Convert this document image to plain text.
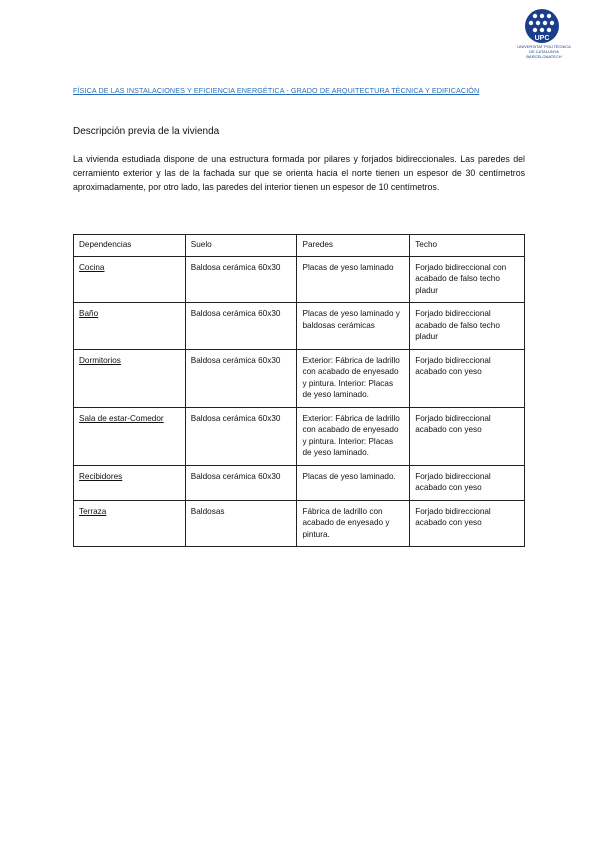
UPC
UNIVERSITAT POLITÈCNICA
DE CATALUNYA
BARCELONATECH
FÍSICA DE LAS INSTALACIONES Y EFICIENCIA ENERGÉTICA - GRADO DE ARQUITECTURA TÉCNICA Y EDIFICACIÓN
Descripción previa de la vivienda
La vivienda estudiada dispone de una estructura formada por pilares y forjados bidireccionales. Las paredes del cerramiento exterior y las de la fachada sur que se orienta hacia el norte tienen un espesor de 30 centímetros aproximadamente, por otro lado, las paredes del interior tienen un espesor de 10 centímetros.
Dependencias	Suelo	Paredes	Techo
Cocina	Baldosa cerámica 60x30	Placas de yeso laminado	Forjado bidireccional con acabado de falso techo pladur
Baño	Baldosa cerámica 60x30	Placas de yeso laminado y baldosas cerámicas	Forjado bidireccional acabado de falso techo pladur
Dormitorios	Baldosa cerámica 60x30	Exterior: Fábrica de ladrillo con acabado de enyesado y pintura. Interior: Placas de yeso laminado.	Forjado bidireccional acabado con yeso
Sala de estar-Comedor	Baldosa cerámica 60x30	Exterior: Fábrica de ladrillo con acabado de enyesado y pintura. Interior: Placas de yeso laminado.	Forjado bidireccional acabado con yeso
Recibidores	Baldosa cerámica 60x30	Placas de yeso laminado.	Forjado bidireccional acabado con yeso
Terraza	Baldosas	Fábrica de ladrillo con acabado de enyesado y pintura.	Forjado bidireccional acabado con yeso
